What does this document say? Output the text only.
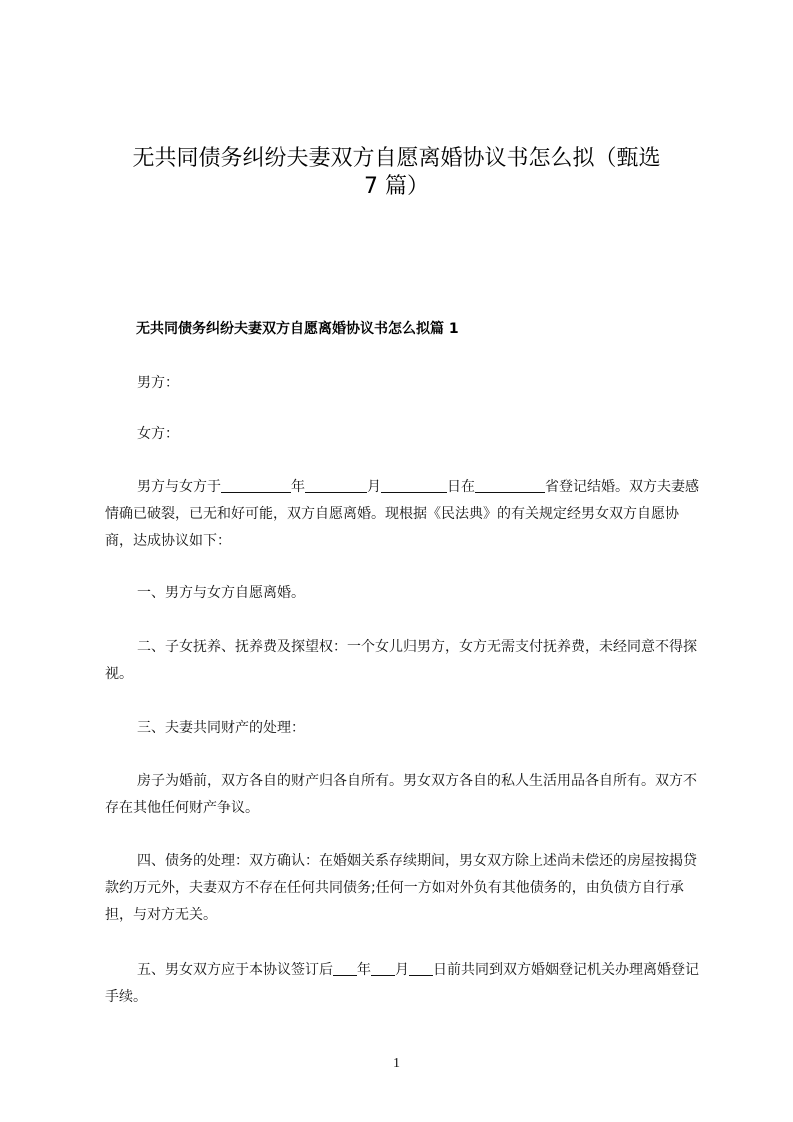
无共同债务纠纷夫妻双方自愿离婚协议书怎么拟（甄选
7 篇）
无共同债务纠纷夫妻双方自愿离婚协议书怎么拟篇 1

男方：

女方：

男方与女方于	年	月	日在	省登记结婚。双方夫妻感情确已破裂，已无和好可能，双方自愿离婚。现根据《民法典》的有关规定经男女双方自愿协商，达成协议如下：

一、男方与女方自愿离婚。

二、子女抚养、抚养费及探望权：一个女儿归男方，女方无需支付抚养费，未经同意不得探视。

三、夫妻共同财产的处理：

房子为婚前，双方各自的财产归各自所有。男女双方各自的私人生活用品各自所有。双方不存在其他任何财产争议。

四、债务的处理：双方确认：在婚姻关系存续期间，男女双方除上述尚未偿还的房屋按揭贷款约万元外，夫妻双方不存在任何共同债务;任何一方如对外负有其他债务的，由负债方自行承担，与对方无关。

五、男女双方应于本协议签订后 年 月 日前共同到双方婚姻登记机关办理离婚登记手续。

1
